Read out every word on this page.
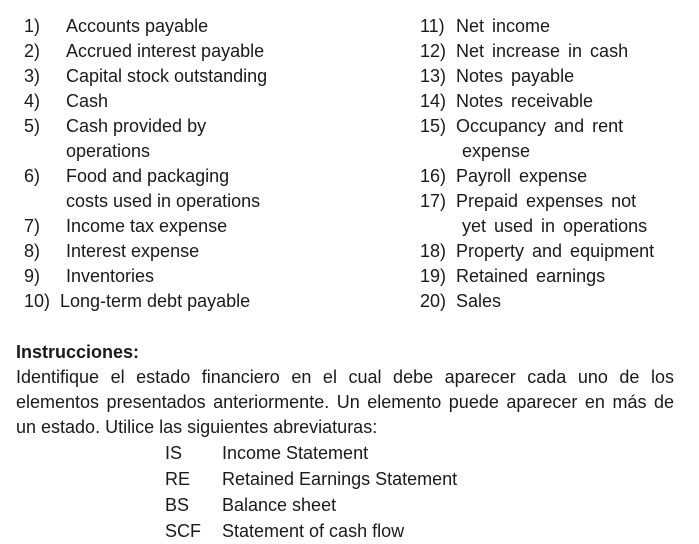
1)	Accounts payable
2)	Accrued interest payable
3)	Capital stock outstanding
4)	Cash
5)	Cash provided by
operations
6)	Food and packaging
costs used in operations
7)	Income tax expense
8)	Interest expense
9)	Inventories
10) Long-term debt payable
11) Net income
12) Net increase in cash
13) Notes payable
14) Notes receivable
15) Occupancy and rent
expense
16) Payroll expense
17) Prepaid expenses not
yet used in operations
18) Property and equipment
19) Retained earnings
20) Sales
Instrucciones:
Identifique el estado financiero en el cual debe aparecer cada uno de los elementos presentados anteriormente. Un elemento puede aparecer en más de un estado. Utilice las siguientes abreviaturas:
IS	Income Statement
RE	Retained Earnings Statement
BS	Balance sheet
SCF	Statement of cash flow
